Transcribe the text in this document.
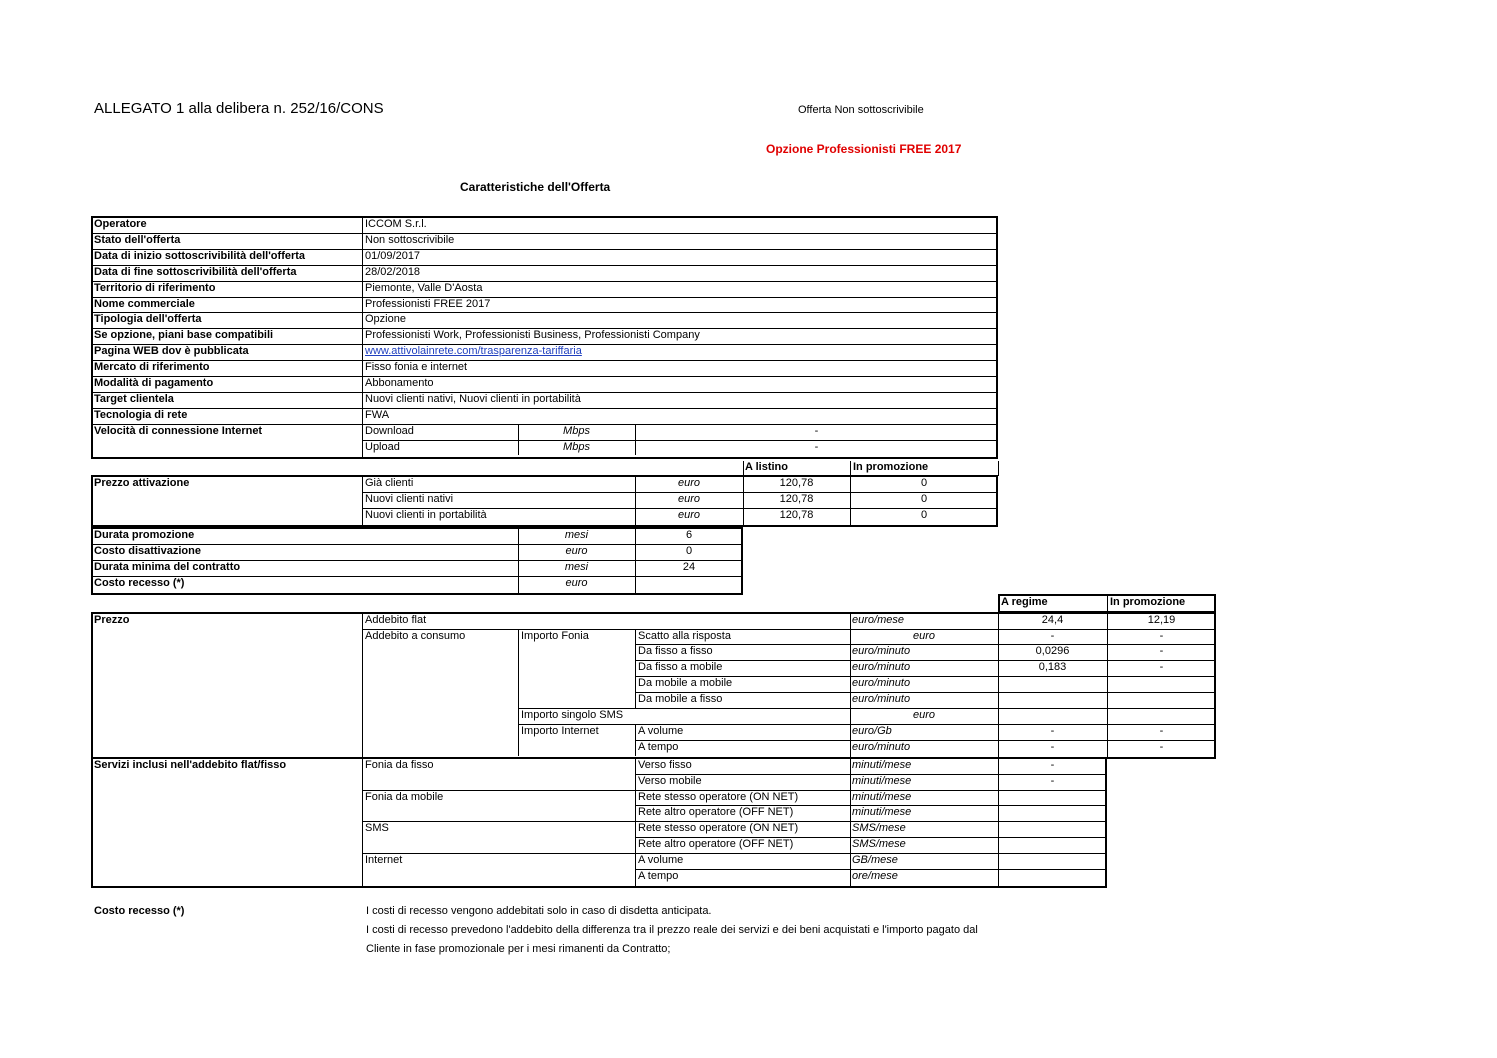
ALLEGATO 1 alla delibera n. 252/16/CONS	Offerta Non sottoscrivibile
Opzione Professionisti FREE 2017
Caratteristiche dell'Offerta
Operatore	ICCOM S.r.l.
Stato dell'offerta	Non sottoscrivibile
Data di inizio sottoscrivibilità dell'offerta	01/09/2017
Data di fine sottoscrivibilità dell'offerta	28/02/2018
Territorio di riferimento	Piemonte, Valle D'Aosta
Nome commerciale	Professionisti FREE 2017
Tipologia dell'offerta	Opzione
Se opzione, piani base compatibili	Professionisti Work, Professionisti Business, Professionisti Company
Pagina WEB dov è pubblicata	www.attivolainrete.com/trasparenza-tariffaria
Mercato di riferimento	Fisso fonia e internet
Modalità di pagamento	Abbonamento
Target clientela	Nuovi clienti nativi, Nuovi clienti in portabilità
Tecnologia di rete	FWA
Velocità di connessione Internet	Download	Mbps	-
Upload	Mbps	-
A listino	In promozione
Prezzo attivazione	Già clienti	euro	120,78	0
Nuovi clienti nativi	euro	120,78	0
Nuovi clienti in portabilità	euro	120,78	0
Durata promozione	mesi	6
Costo disattivazione	euro	0
Durata minima del contratto	mesi	24
Costo recesso (*)	euro
A regime	In promozione
Prezzo	Addebito flat	euro/mese	24,4	12,19
Addebito a consumo	Importo Fonia	Scatto alla risposta	euro	-	-
Da fisso a fisso	euro/minuto	0,0296	-
Da fisso a mobile	euro/minuto	0,183	-
Da mobile a mobile	euro/minuto
Da mobile a fisso	euro/minuto
Importo singolo SMS	euro
Importo Internet	A volume	euro/Gb	-	-
A tempo	euro/minuto	-	-
Servizi inclusi nell'addebito flat/fisso	Fonia da fisso	Verso fisso	minuti/mese	-
Verso mobile	minuti/mese	-
Fonia da mobile	Rete stesso operatore (ON NET)	minuti/mese
Rete altro operatore (OFF NET)	minuti/mese
SMS	Rete stesso operatore (ON NET)	SMS/mese
Rete altro operatore (OFF NET)	SMS/mese
Internet	A volume	GB/mese
A tempo	ore/mese
Costo recesso (*)	I costi di recesso vengono addebitati solo in caso di disdetta anticipata.
I costi di recesso prevedono l'addebito della differenza tra il prezzo reale dei servizi e dei beni acquistati e l'importo pagato dal
Cliente in fase promozionale per i mesi rimanenti da Contratto;
